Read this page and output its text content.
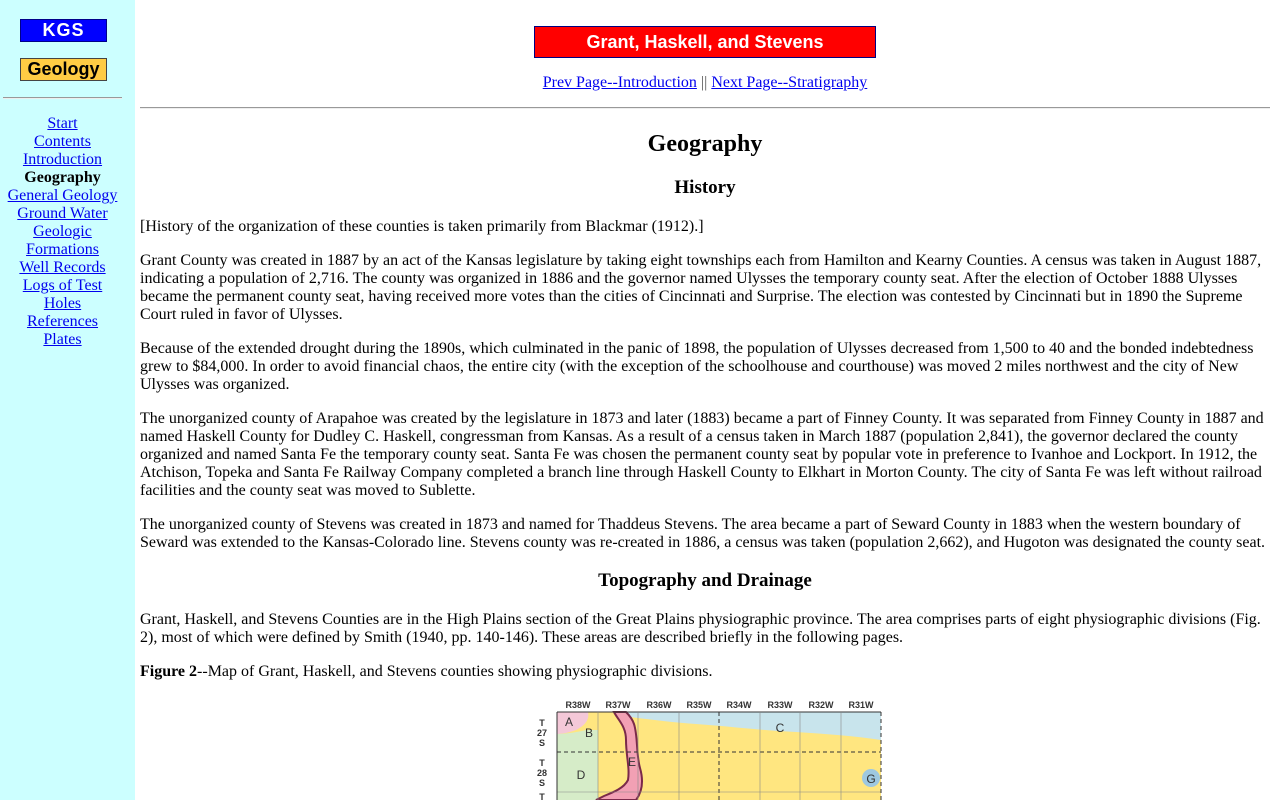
KGS
Geology
Start
Contents
Introduction
Geography
General Geology
Ground Water
Geologic Formations
Well Records
Logs of Test Holes
References
Plates
Grant, Haskell, and Stevens
Prev Page--Introduction || Next Page--Stratigraphy
Geography
History

[History of the organization of these counties is taken primarily from Blackmar (1912).]

Grant County was created in 1887 by an act of the Kansas legislature by taking eight townships each from Hamilton and Kearny Counties. A census was taken in August 1887, indicating a population of 2,716. The county was organized in 1886 and the governor named Ulysses the temporary county seat. After the election of October 1888 Ulysses became the permanent county seat, having received more votes than the cities of Cincinnati and Surprise. The election was contested by Cincinnati but in 1890 the Supreme Court ruled in favor of Ulysses.

Because of the extended drought during the 1890s, which culminated in the panic of 1898, the population of Ulysses decreased from 1,500 to 40 and the bonded indebtedness grew to $84,000. In order to avoid financial chaos, the entire city (with the exception of the schoolhouse and courthouse) was moved 2 miles northwest and the city of New Ulysses was organized.

The unorganized county of Arapahoe was created by the legislature in 1873 and later (1883) became a part of Finney County. It was separated from Finney County in 1887 and named Haskell County for Dudley C. Haskell, congressman from Kansas. As a result of a census taken in March 1887 (population 2,841), the governor declared the county organized and named Santa Fe the temporary county seat. Santa Fe was chosen the permanent county seat by popular vote in preference to Ivanhoe and Lockport. In 1912, the Atchison, Topeka and Santa Fe Railway Company completed a branch line through Haskell County to Elkhart in Morton County. The city of Santa Fe was left without railroad facilities and the county seat was moved to Sublette.

The unorganized county of Stevens was created in 1873 and named for Thaddeus Stevens. The area became a part of Seward County in 1883 when the western boundary of Seward was extended to the Kansas-Colorado line. Stevens county was re-created in 1886, a census was taken (population 2,662), and Hugoton was designated the county seat.

Topography and Drainage

Grant, Haskell, and Stevens Counties are in the High Plains section of the Great Plains physiographic province. The area comprises parts of eight physiographic divisions (Fig. 2), most of which were defined by Smith (1940, pp. 140-146). These areas are described briefly in the following pages.

Figure 2--Map of Grant, Haskell, and Stevens counties showing physiographic divisions.

R38W R37W R36W R35W R34W R33W R32W R31W
T
27
S
T
28
S
T
A
B	C
D
E
G
